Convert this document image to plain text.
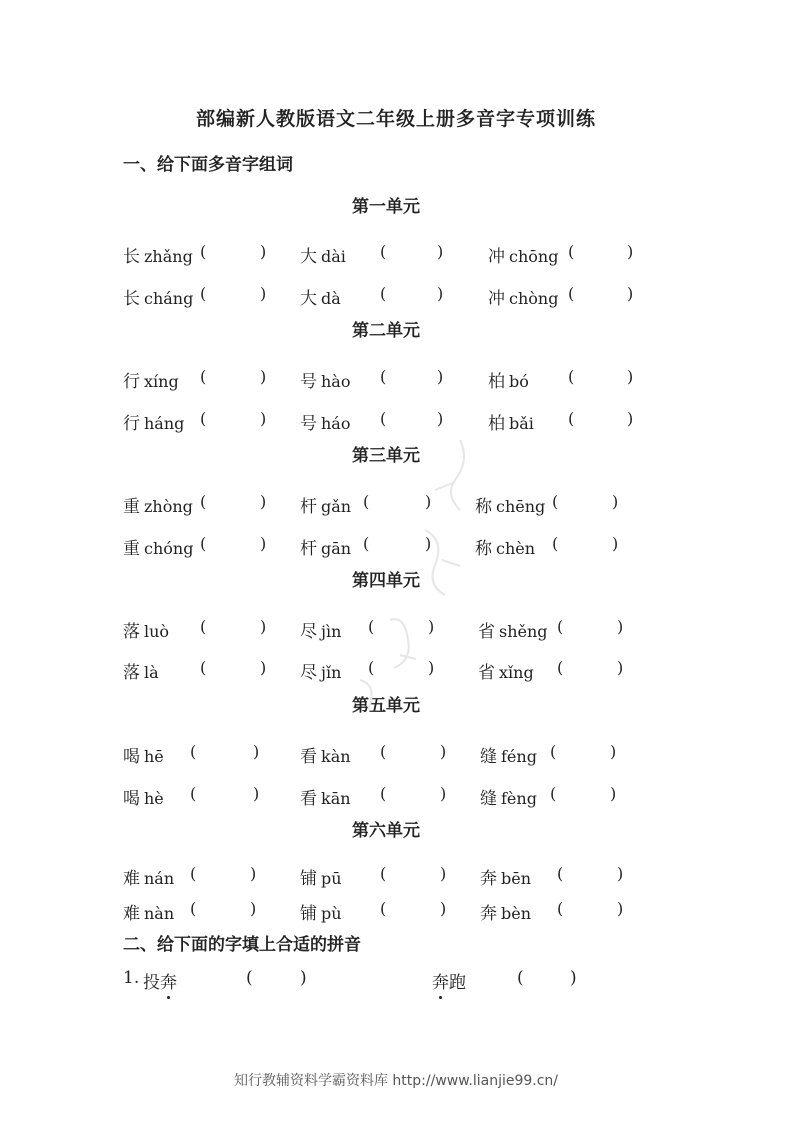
部编新人教版语文二年级上册多音字专项训练
一、给下面多音字组词
第一单元
长 zhǎng (	) 大 dài (	)	冲 chōng (	)
长 cháng (	) 大 dà (	)	冲 chòng (	)
第二单元
行 xíng (	) 号 hào (	)	柏 bó (	)
行 háng (	) 号 háo (	)	柏 bǎi (	)
第三单元
重 zhòng (	) 杆 gǎn (	)	称 chēng (	)
重 chóng (	) 杆 gān (	)	称 chèn (	)
第四单元
落 luò (	) 尽 jìn (	)	省 shěng (	)
落 là	(	) 尽 jǐn (	)	省 xǐng (	)
第五单元
喝 hē (	) 看 kàn (	) 缝 féng (	)
喝 hè (	) 看 kān (	) 缝 fèng (	)
第六单元
难 nán (	)	铺 pū (	) 奔 bēn (	)
难 nàn (	)	铺 pù (	) 奔 bèn (	)
二、给下面的字填上合适的拼音
1. 投奔	(	)	奔跑	(	)
知行教辅资料学霸资料库 http://www.lianjie99.cn/
